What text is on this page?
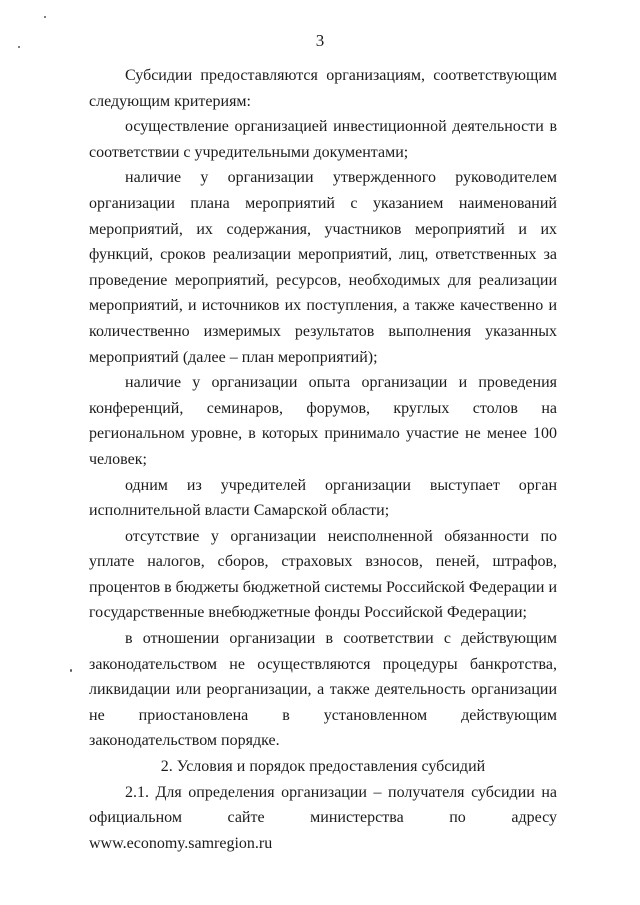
3

Субсидии предоставляются организациям, соответствующим следующим критериям:

осуществление организацией инвестиционной деятельности в соответствии с учредительными документами;

наличие у организации утвержденного руководителем организации плана мероприятий с указанием наименований мероприятий, их содержания, участников мероприятий и их функций, сроков реализации мероприятий, лиц, ответственных за проведение мероприятий, ресурсов, необходимых для реализации мероприятий, и источников их поступления, а также качественно и количественно измеримых результатов выполнения указанных мероприятий (далее – план мероприятий);

наличие у организации опыта организации и проведения конференций, семинаров, форумов, круглых столов на региональном уровне, в которых принимало участие не менее 100 человек;

одним из учредителей организации выступает орган исполнительной власти Самарской области;

отсутствие у организации неисполненной обязанности по уплате налогов, сборов, страховых взносов, пеней, штрафов, процентов в бюджеты бюджетной системы Российской Федерации и государственные внебюджетные фонды Российской Федерации;

в отношении организации в соответствии с действующим законодательством не осуществляются процедуры банкротства, ликвидации или реорганизации, а также деятельность организации не приостановлена в установленном действующим законодательством порядке.

2. Условия и порядок предоставления субсидий

2.1. Для определения организации – получателя субсидии на официальном сайте министерства по адресу www.economy.samregion.ru
